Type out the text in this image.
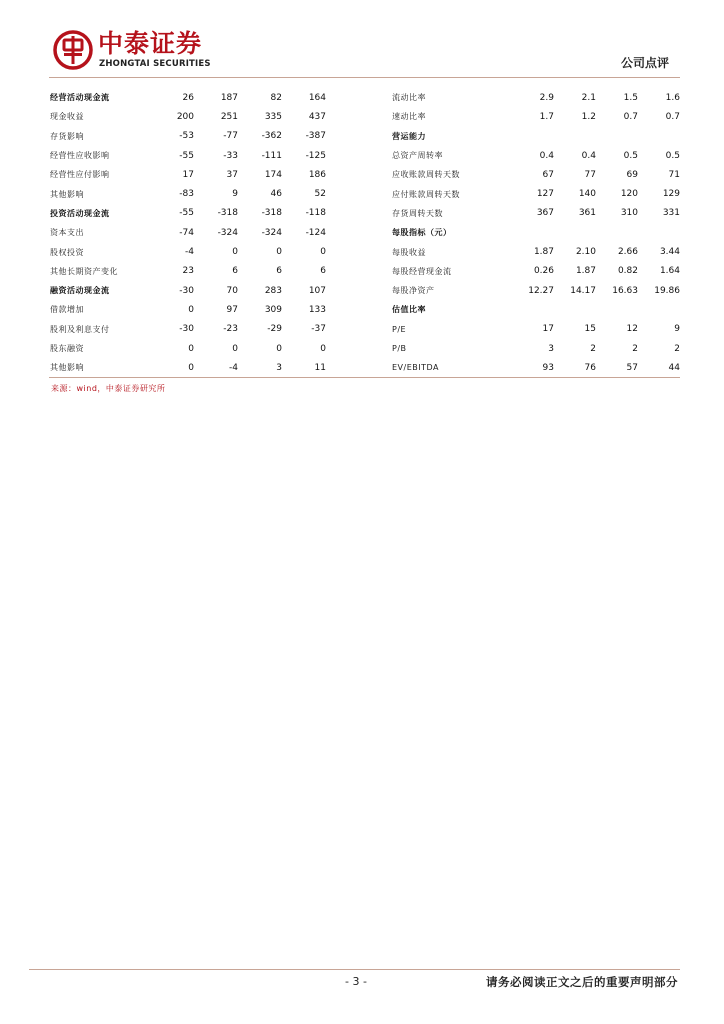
中泰证券
ZHONGTAI SECURITIES	公司点评
经营活动现金流	26	187	82	164
现金收益	200	251	335	437
存货影响	-53	-77	-362	-387
经营性应收影响	-55	-33	-111	-125
经营性应付影响	17	37	174	186
其他影响	-83	9	46	52
投资活动现金流	-55	-318	-318	-118
资本支出	-74	-324	-324	-124
股权投资	-4	0	0	0
其他长期资产变化	23	6	6	6
融资活动现金流	-30	70	283	107
借款增加	0	97	309	133
股利及利息支付	-30	-23	-29	-37
股东融资	0	0	0	0
其他影响	0	-4	3	11
流动比率	2.9	2.1	1.5	1.6
速动比率	1.7	1.2	0.7	0.7
营运能力
总资产周转率	0.4	0.4	0.5	0.5
应收账款周转天数	67	77	69	71
应付账款周转天数	127	140	120	129
存货周转天数	367	361	310	331
每股指标（元）
每股收益	1.87	2.10	2.66	3.44
每股经营现金流	0.26	1.87	0.82	1.64
每股净资产	12.27	14.17	16.63	19.86
估值比率
P/E	17	15	12	9
P/B	3	2	2	2
EV/EBITDA	93	76	57	44
来源：wind，中泰证券研究所
- 3 -	请务必阅读正文之后的重要声明部分
